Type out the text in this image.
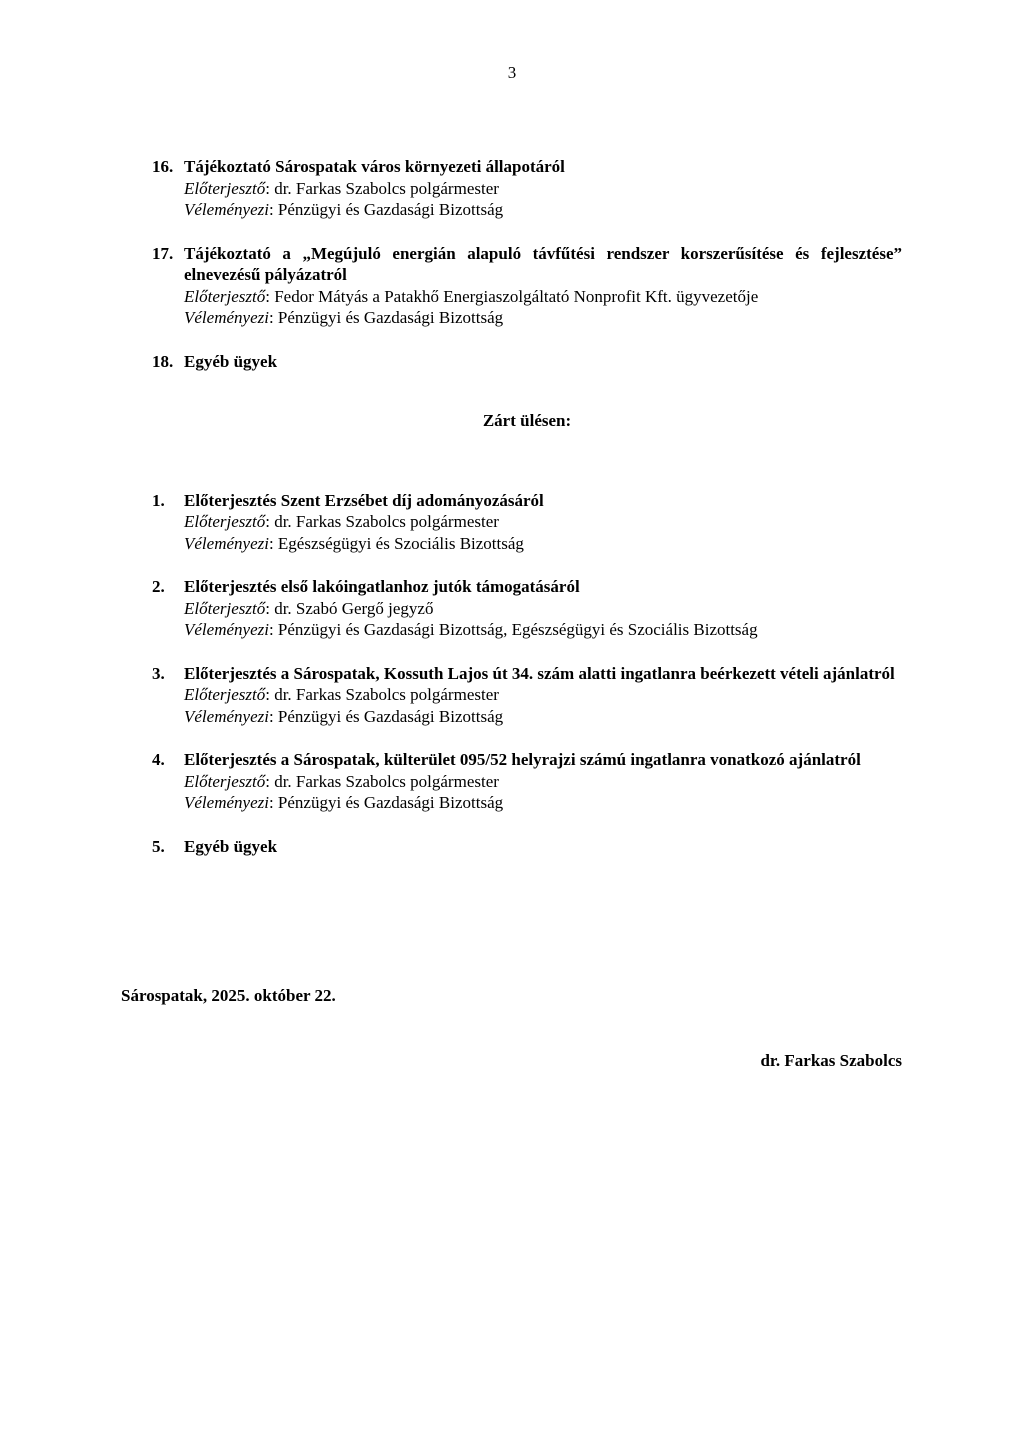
3
16. Tájékoztató Sárospatak város környezeti állapotáról
Előterjesztő: dr. Farkas Szabolcs polgármester
Véleményezi: Pénzügyi és Gazdasági Bizottság
17. Tájékoztató a „Megújuló energián alapuló távfűtési rendszer korszerűsítése és fejlesztése” elnevezésű pályázatról
Előterjesztő: Fedor Mátyás a Patakhő Energiaszolgáltató Nonprofit Kft. ügyvezetője
Véleményezi: Pénzügyi és Gazdasági Bizottság
18. Egyéb ügyek
Zárt ülésen:
1. Előterjesztés Szent Erzsébet díj adományozásáról
Előterjesztő: dr. Farkas Szabolcs polgármester
Véleményezi: Egészségügyi és Szociális Bizottság
2. Előterjesztés első lakóingatlanhoz jutók támogatásáról
Előterjesztő: dr. Szabó Gergő jegyző
Véleményezi: Pénzügyi és Gazdasági Bizottság, Egészségügyi és Szociális Bizottság
3. Előterjesztés a Sárospatak, Kossuth Lajos út 34. szám alatti ingatlanra beérkezett vételi ajánlatról
Előterjesztő: dr. Farkas Szabolcs polgármester
Véleményezi: Pénzügyi és Gazdasági Bizottság
4. Előterjesztés a Sárospatak, külterület 095/52 helyrajzi számú ingatlanra vonatkozó ajánlatról
Előterjesztő: dr. Farkas Szabolcs polgármester
Véleményezi: Pénzügyi és Gazdasági Bizottság
5. Egyéb ügyek
Sárospatak, 2025. október 22.
dr. Farkas Szabolcs
